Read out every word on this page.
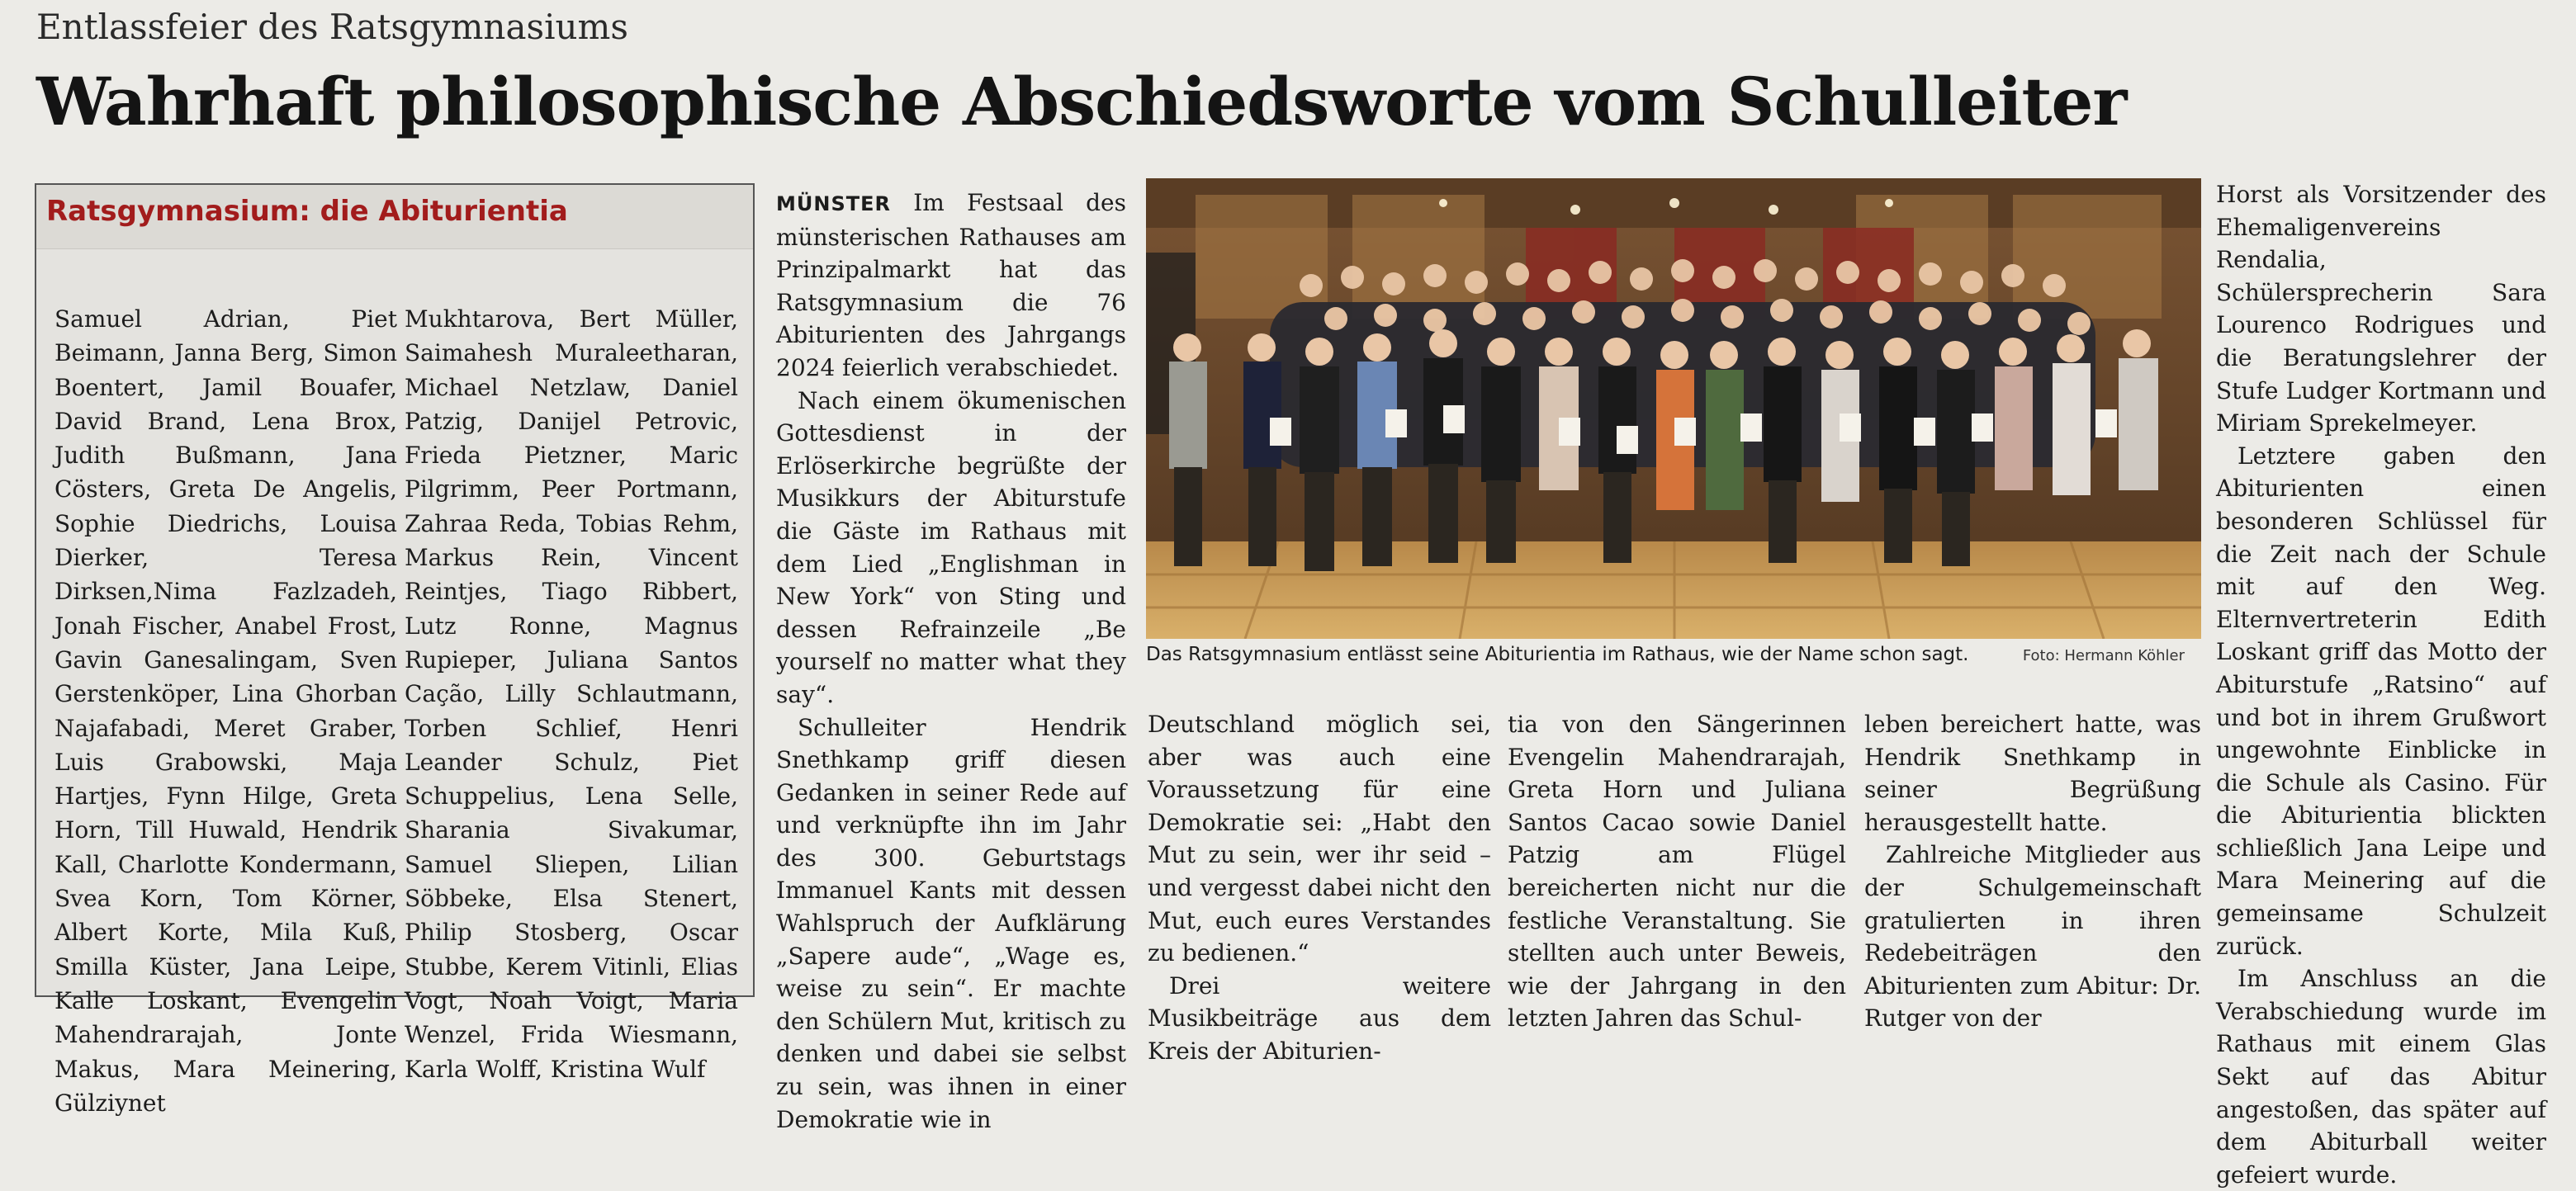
Entlassfeier des Ratsgymnasiums
Wahrhaft philosophische Abschiedsworte vom Schulleiter
Ratsgymnasium: die Abiturientia
Samuel Adrian, Piet Beimann, Janna Berg, Simon Boentert, Jamil Bouafer, David Brand, Lena Brox, Judith Bußmann, Jana Cösters, Greta De Angelis, Sophie Diedrichs, Louisa Dierker, Teresa Dirksen,Nima Fazlzadeh, Jonah Fischer, Anabel Frost, Gavin Ganesalingam, Sven Gerstenköper, Lina Ghorban Najafabadi, Meret Graber, Luis Grabowski, Maja Hartjes, Fynn Hilge, Greta Horn, Till Huwald, Hendrik Kall, Charlotte Kondermann, Svea Korn, Tom Körner, Albert Korte, Mila Kuß, Smilla Küster, Jana Leipe, Kalle Loskant, Evengelin Mahendrarajah, Jonte Makus, Mara Meinering, Gülziynet
Mukhtarova, Bert Müller, Saimahesh Muraleetharan, Michael Netzlaw, Daniel Patzig, Danijel Petrovic, Frieda Pietzner, Maric Pilgrimm, Peer Portmann, Zahraa Reda, Tobias Rehm, Markus Rein, Vincent Reintjes, Tiago Ribbert, Lutz Ronne, Magnus Rupieper, Juliana Santos Cação, Lilly Schlautmann, Torben Schlief, Henri Leander Schulz, Piet Schuppelius, Lena Selle, Sharania Sivakumar, Samuel Sliepen, Lilian Söbbeke, Elsa Stenert, Philip Stosberg, Oscar Stubbe, Kerem Vitinli, Elias Vogt, Noah Voigt, Maria Wenzel, Frida Wiesmann, Karla Wolff, Kristina Wulf

MÜNSTER Im Festsaal des münsterischen Rathauses am Prinzipalmarkt hat das Ratsgymnasium die 76 Abiturienten des Jahrgangs 2024 feierlich verabschiedet.

Nach einem ökumenischen Gottesdienst in der Erlöserkirche begrüßte der Musikkurs der Abiturstufe die Gäste im Rathaus mit dem Lied „Englishman in New York“ von Sting und dessen Refrainzeile „Be yourself no matter what they say“.

Schulleiter Hendrik Snethkamp griff diesen Gedanken in seiner Rede auf und verknüpfte ihn im Jahr des 300. Geburtstags Immanuel Kants mit dessen Wahlspruch der Aufklärung „Sapere aude“, „Wage es, weise zu sein“. Er machte den Schülern Mut, kritisch zu denken und dabei sie selbst zu sein, was ihnen in einer Demokratie wie in

Das Ratsgymnasium entlässt seine Abiturientia im Rathaus, wie der Name schon sagt.	Foto: Hermann Köhler

Deutschland möglich sei, aber was auch eine Voraussetzung für eine Demokratie sei: „Habt den Mut zu sein, wer ihr seid – und vergesst dabei nicht den Mut, euch eures Verstandes zu bedienen.“

Drei weitere Musikbeiträge aus dem Kreis der Abiturien-

tia von den Sängerinnen Evengelin Mahendrarajah, Greta Horn und Juliana Santos Cacao sowie Daniel Patzig am Flügel bereicherten nicht nur die festliche Veranstaltung. Sie stellten auch unter Beweis, wie der Jahrgang in den letzten Jahren das Schul-

leben bereichert hatte, was Hendrik Snethkamp in seiner Begrüßung herausgestellt hatte.

Zahlreiche Mitglieder aus der Schulgemeinschaft gratulierten in ihren Redebeiträgen den Abiturienten zum Abitur: Dr. Rutger von der

Horst als Vorsitzender des Ehemaligenvereins Rendalia, Schülersprecherin Sara Lourenco Rodrigues und die Beratungslehrer der Stufe Ludger Kortmann und Miriam Sprekelmeyer.

Letztere gaben den Abiturienten einen besonderen Schlüssel für die Zeit nach der Schule mit auf den Weg. Elternvertreterin Edith Loskant griff das Motto der Abiturstufe „Ratsino“ auf und bot in ihrem Grußwort ungewohnte Einblicke in die Schule als Casino. Für die Abiturientia blickten schließlich Jana Leipe und Mara Meinering auf die gemeinsame Schulzeit zurück.

Im Anschluss an die Verabschiedung wurde im Rathaus mit einem Glas Sekt auf das Abitur angestoßen, das später auf dem Abiturball weiter gefeiert wurde.
